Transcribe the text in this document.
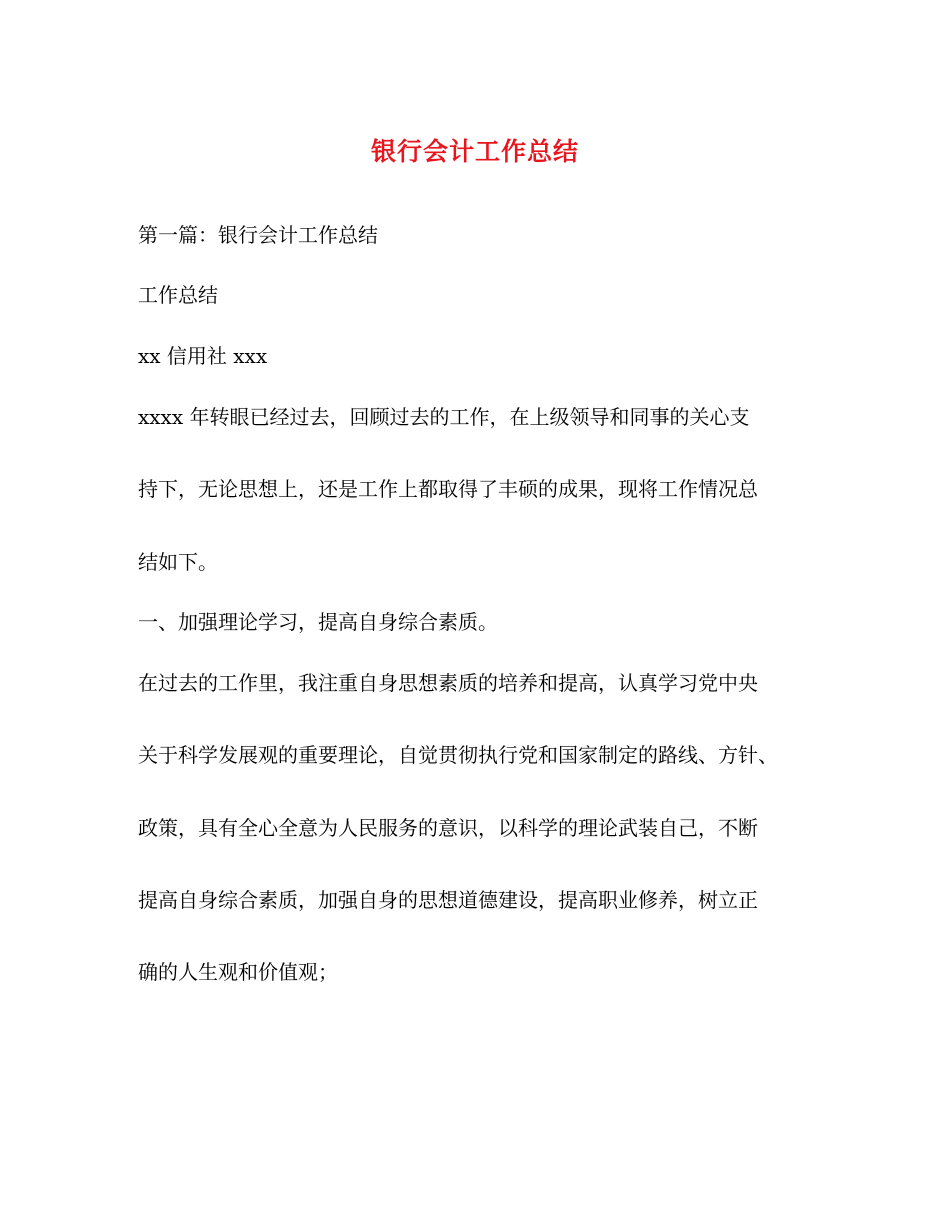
银行会计工作总结
第一篇：银行会计工作总结
工作总结
xx 信用社 xxx
xxxx 年转眼已经过去，回顾过去的工作，在上级领导和同事的关心支
持下，无论思想上，还是工作上都取得了丰硕的成果，现将工作情况总
结如下。
一、加强理论学习，提高自身综合素质。
在过去的工作里，我注重自身思想素质的培养和提高，认真学习党中央
关于科学发展观的重要理论，自觉贯彻执行党和国家制定的路线、方针、
政策，具有全心全意为人民服务的意识，以科学的理论武装自己，不断
提高自身综合素质，加强自身的思想道德建设，提高职业修养，树立正
确的人生观和价值观；
